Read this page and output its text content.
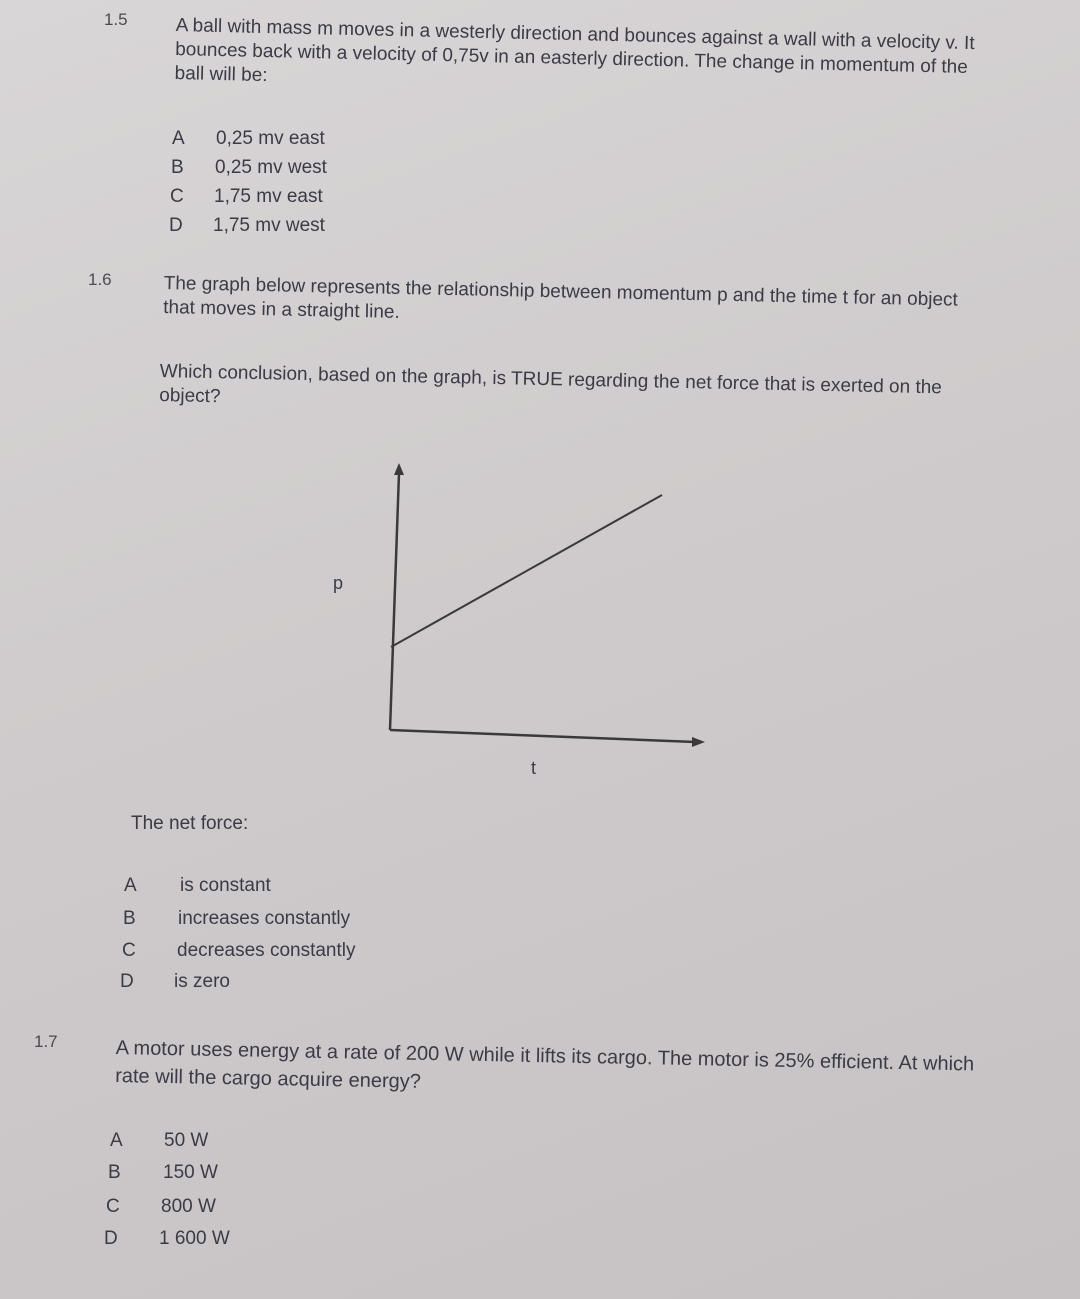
1.5	A ball with mass m moves in a westerly direction and bounces against a wall with a velocity v. It bounces back with a velocity of 0,75v in an easterly direction. The change in momentum of the ball will be:
A 0,25 mv east
B 0,25 mv west
C 1,75 mv east
D 1,75 mv west
1.6	The graph below represents the relationship between momentum p and the time t for an object that moves in a straight line.
Which conclusion, based on the graph, is TRUE regarding the net force that is exerted on the object?
p
t
The net force:
A is constant
B increases constantly
C decreases constantly
D is zero
1.7	A motor uses energy at a rate of 200 W while it lifts its cargo. The motor is 25% efficient. At which rate will the cargo acquire energy?
A 50 W
B 150 W
C 800 W
D 1 600 W
